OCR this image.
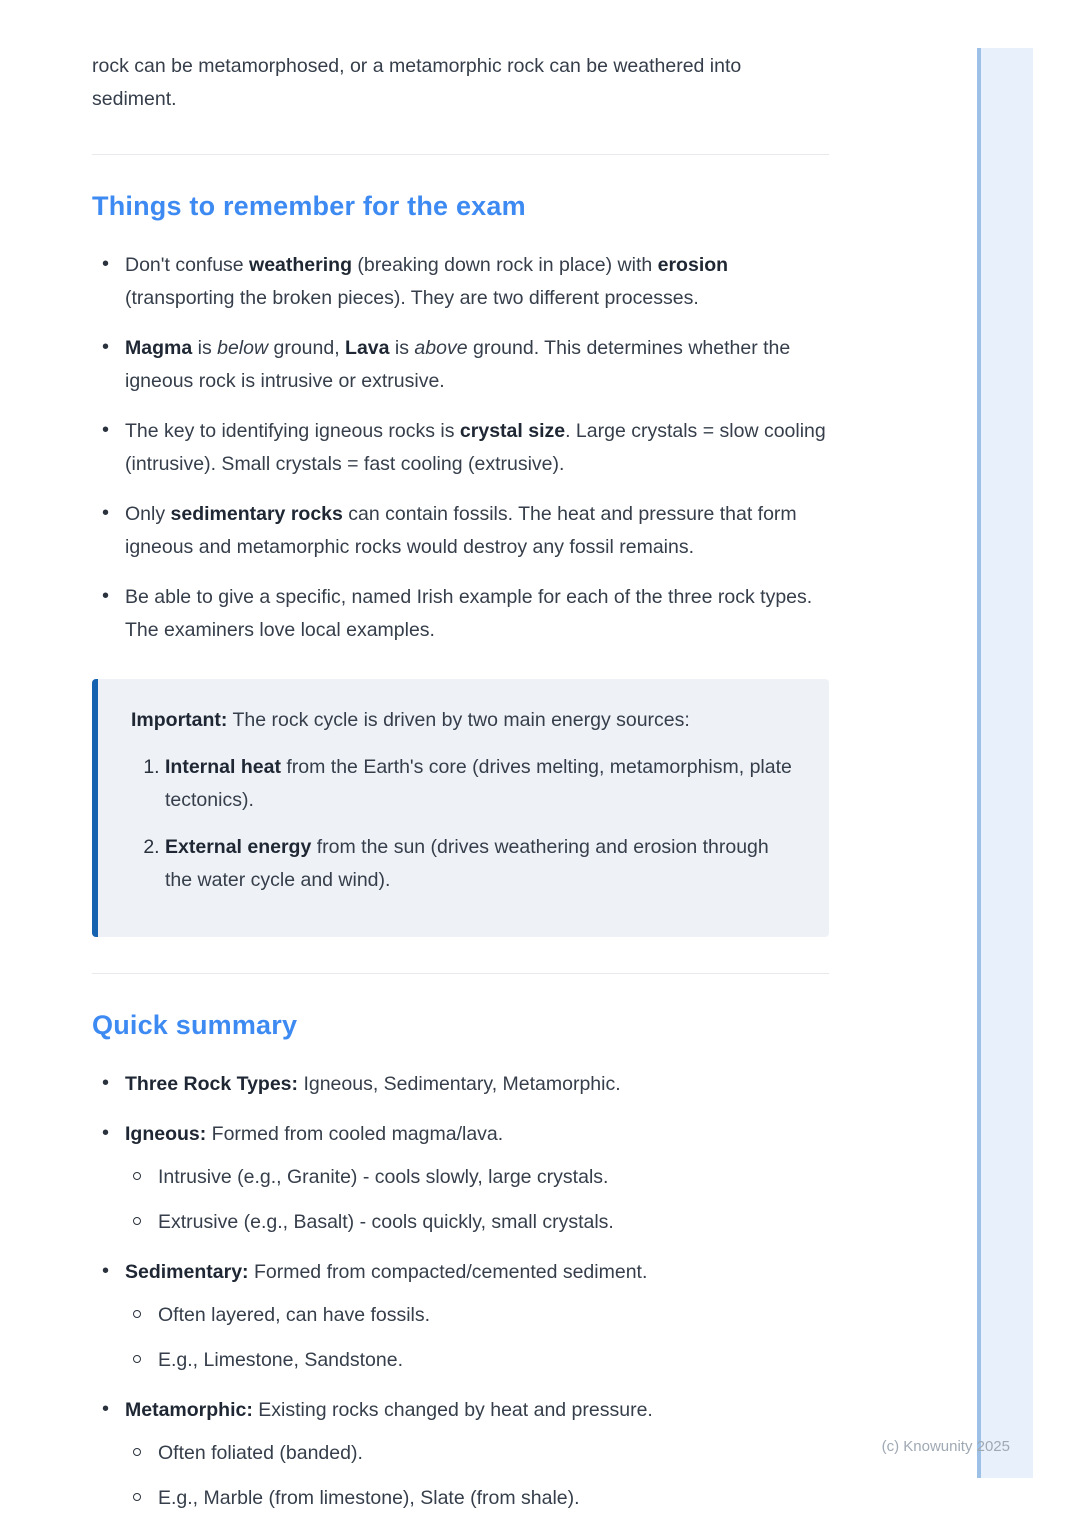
rock can be metamorphosed, or a metamorphic rock can be weathered into sediment.

Things to remember for the exam
• Don't confuse weathering (breaking down rock in place) with erosion (transporting the broken pieces). They are two different processes.
• Magma is below ground, Lava is above ground. This determines whether the igneous rock is intrusive or extrusive.
• The key to identifying igneous rocks is crystal size. Large crystals = slow cooling (intrusive). Small crystals = fast cooling (extrusive).
• Only sedimentary rocks can contain fossils. The heat and pressure that form igneous and metamorphic rocks would destroy any fossil remains.
• Be able to give a specific, named Irish example for each of the three rock types. The examiners love local examples.
Important: The rock cycle is driven by two main energy sources:
1. Internal heat from the Earth's core (drives melting, metamorphism, plate tectonics).
2. External energy from the sun (drives weathering and erosion through the water cycle and wind).
Quick summary
• Three Rock Types: Igneous, Sedimentary, Metamorphic.
• Igneous: Formed from cooled magma/lava.
Intrusive (e.g., Granite) - cools slowly, large crystals.
Extrusive (e.g., Basalt) - cools quickly, small crystals.
• Sedimentary: Formed from compacted/cemented sediment.
Often layered, can have fossils.
E.g., Limestone, Sandstone.
• Metamorphic: Existing rocks changed by heat and pressure.
Often foliated (banded).
E.g., Marble (from limestone), Slate (from shale).
(c) Knowunity 2025
